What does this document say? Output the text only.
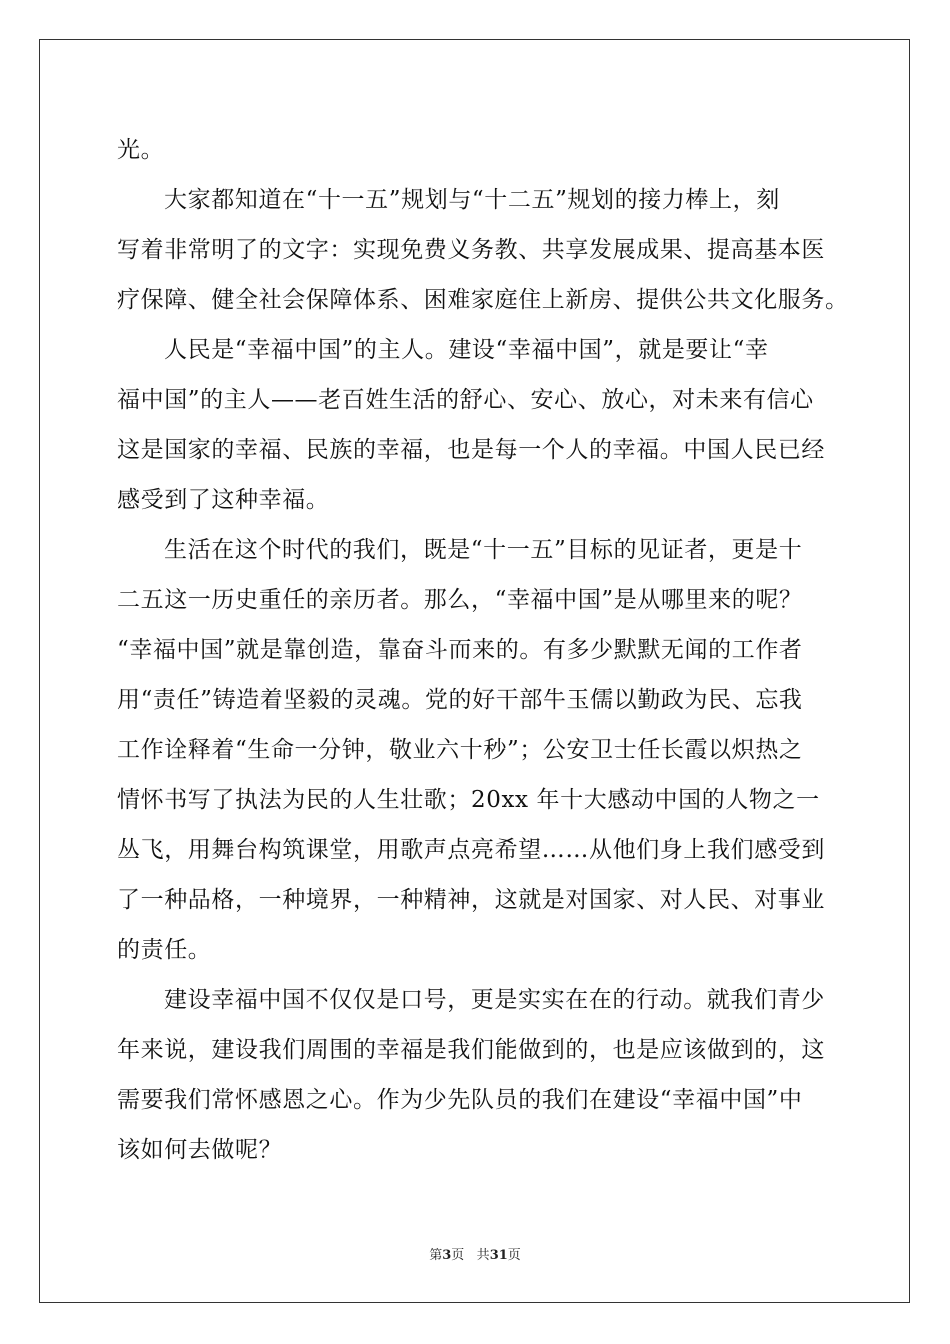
光。
大家都知道在“十一五”规划与“十二五”规划的接力棒上，刻
写着非常明了的文字：实现免费义务教、共享发展成果、提高基本医
疗保障、健全社会保障体系、困难家庭住上新房、提供公共文化服务。
人民是“幸福中国”的主人。建设“幸福中国”，就是要让“幸
福中国”的主人——老百姓生活的舒心、安心、放心，对未来有信心
这是国家的幸福、民族的幸福，也是每一个人的幸福。中国人民已经
感受到了这种幸福。
生活在这个时代的我们，既是“十一五”目标的见证者，更是十
二五这一历史重任的亲历者。那么，“幸福中国”是从哪里来的呢？
“幸福中国”就是靠创造，靠奋斗而来的。有多少默默无闻的工作者
用“责任”铸造着坚毅的灵魂。党的好干部牛玉儒以勤政为民、忘我
工作诠释着“生命一分钟，敬业六十秒”；公安卫士任长霞以炽热之
情怀书写了执法为民的人生壮歌；20xx 年十大感动中国的人物之一
丛飞，用舞台构筑课堂，用歌声点亮希望……从他们身上我们感受到
了一种品格，一种境界，一种精神，这就是对国家、对人民、对事业
的责任。
建设幸福中国不仅仅是口号，更是实实在在的行动。就我们青少
年来说，建设我们周围的幸福是我们能做到的，也是应该做到的，这
需要我们常怀感恩之心。作为少先队员的我们在建设“幸福中国”中
该如何去做呢？
第3页 共31页
